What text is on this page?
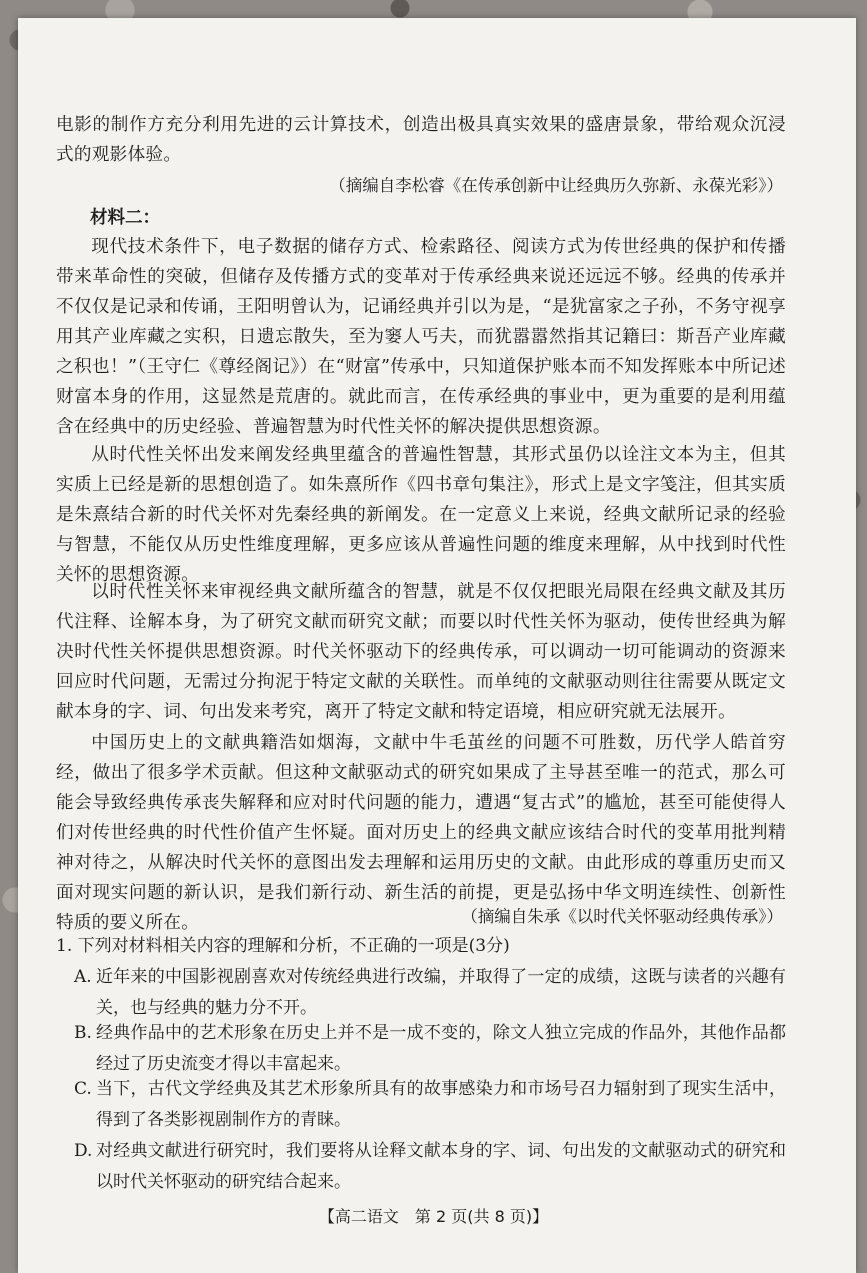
电影的制作方充分利用先进的云计算技术，创造出极具真实效果的盛唐景象，带给观众沉浸式的观影体验。

（摘编自李松睿《在传承创新中让经典历久弥新、永葆光彩》）

材料二：

现代技术条件下，电子数据的储存方式、检索路径、阅读方式为传世经典的保护和传播带来革命性的突破，但储存及传播方式的变革对于传承经典来说还远远不够。经典的传承并不仅仅是记录和传诵，王阳明曾认为，记诵经典并引以为是，“是犹富家之子孙，不务守视享用其产业库藏之实积，日遗忘散失，至为窭人丐夫，而犹嚣嚣然指其记籍曰：斯吾产业库藏之积也！”（王守仁《尊经阁记》）在“财富”传承中，只知道保护账本而不知发挥账本中所记述财富本身的作用，这显然是荒唐的。就此而言，在传承经典的事业中，更为重要的是利用蕴含在经典中的历史经验、普遍智慧为时代性关怀的解决提供思想资源。

从时代性关怀出发来阐发经典里蕴含的普遍性智慧，其形式虽仍以诠注文本为主，但其实质上已经是新的思想创造了。如朱熹所作《四书章句集注》，形式上是文字笺注，但其实质是朱熹结合新的时代关怀对先秦经典的新阐发。在一定意义上来说，经典文献所记录的经验与智慧，不能仅从历史性维度理解，更多应该从普遍性问题的维度来理解，从中找到时代性关怀的思想资源。

以时代性关怀来审视经典文献所蕴含的智慧，就是不仅仅把眼光局限在经典文献及其历代注释、诠解本身，为了研究文献而研究文献；而要以时代性关怀为驱动，使传世经典为解决时代性关怀提供思想资源。时代关怀驱动下的经典传承，可以调动一切可能调动的资源来回应时代问题，无需过分拘泥于特定文献的关联性。而单纯的文献驱动则往往需要从既定文献本身的字、词、句出发来考究，离开了特定文献和特定语境，相应研究就无法展开。

中国历史上的文献典籍浩如烟海，文献中牛毛茧丝的问题不可胜数，历代学人皓首穷经，做出了很多学术贡献。但这种文献驱动式的研究如果成了主导甚至唯一的范式，那么可能会导致经典传承丧失解释和应对时代问题的能力，遭遇“复古式”的尴尬，甚至可能使得人们对传世经典的时代性价值产生怀疑。面对历史上的经典文献应该结合时代的变革用批判精神对待之，从解决时代关怀的意图出发去理解和运用历史的文献。由此形成的尊重历史而又面对现实问题的新认识，是我们新行动、新生活的前提，更是弘扬中华文明连续性、创新性特质的要义所在。	（摘编自朱承《以时代关怀驱动经典传承》）

1. 下列对材料相关内容的理解和分析，不正确的一项是(3分)

A. 近年来的中国影视剧喜欢对传统经典进行改编，并取得了一定的成绩，这既与读者的兴趣有关，也与经典的魅力分不开。
B. 经典作品中的艺术形象在历史上并不是一成不变的，除文人独立完成的作品外，其他作品都经过了历史流变才得以丰富起来。
C. 当下，古代文学经典及其艺术形象所具有的故事感染力和市场号召力辐射到了现实生活中，得到了各类影视剧制作方的青睐。
D. 对经典文献进行研究时，我们要将从诠释文献本身的字、词、句出发的文献驱动式的研究和以时代关怀驱动的研究结合起来。
【高二语文　第 2 页(共 8 页)】
